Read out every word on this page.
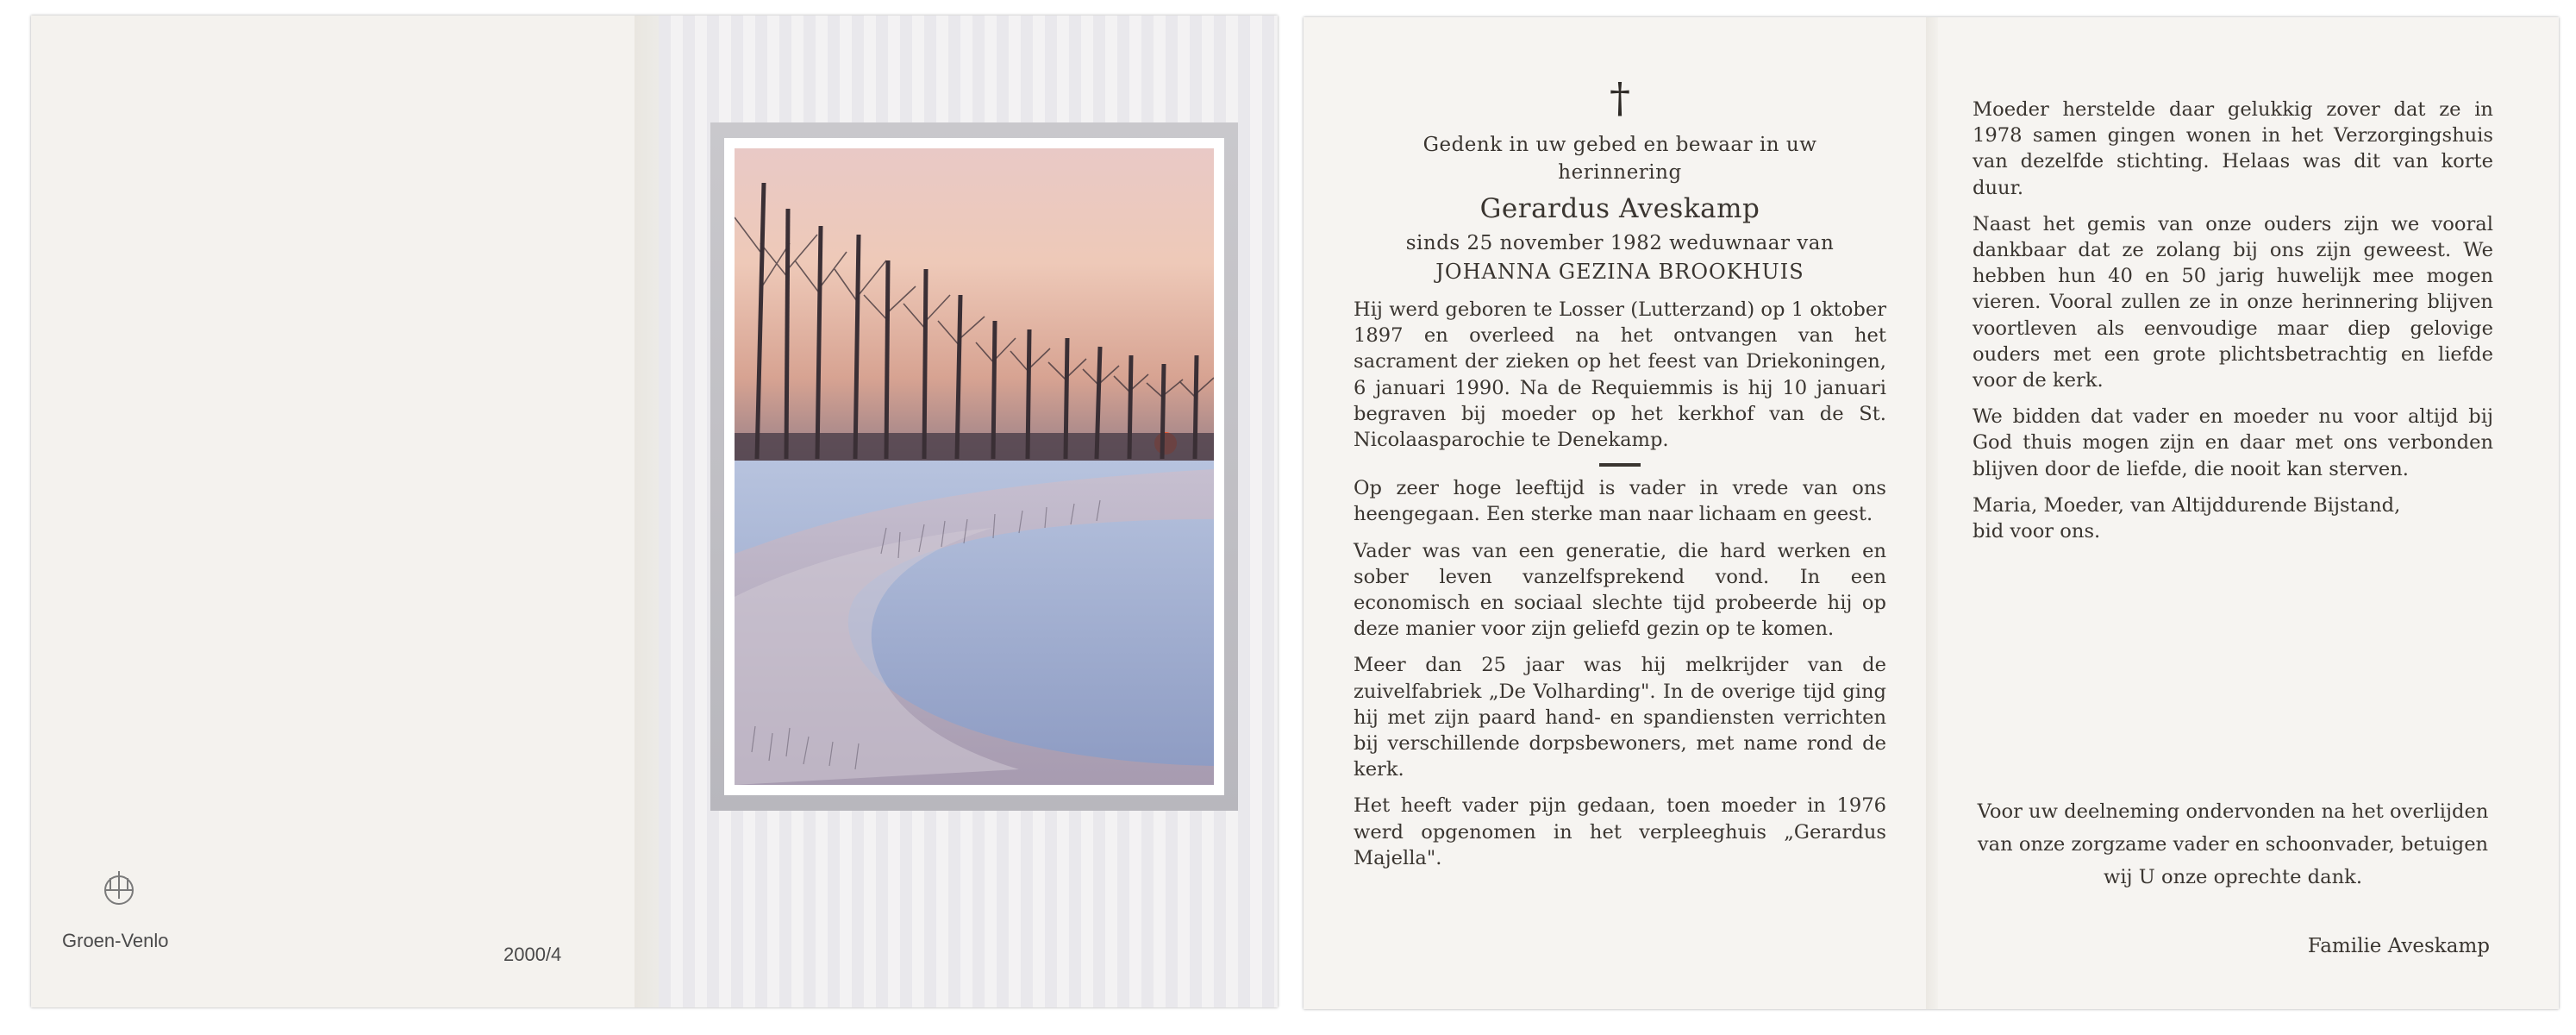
Groen-Venlo

2000/4

†

Gedenk in uw gebed en bewaar in uw

herinnering

Gerardus Aveskamp

sinds 25 november 1982 weduwnaar van

JOHANNA GEZINA BROOKHUIS

Hij werd geboren te Losser (Lutterzand) op 1 oktober 1897 en overleed na het ontvangen van het sacrament der zieken op het feest van Driekoningen, 6 januari 1990. Na de Requiemmis is hij 10 januari begraven bij moeder op het kerkhof van de St. Nicolaasparochie te Denekamp.

Op zeer hoge leeftijd is vader in vrede van ons heengegaan. Een sterke man naar lichaam en geest.

Vader was van een generatie, die hard werken en sober leven vanzelfsprekend vond. In een economisch en sociaal slechte tijd probeerde hij op deze manier voor zijn geliefd gezin op te komen.

Meer dan 25 jaar was hij melkrijder van de zuivelfabriek „De Volharding". In de overige tijd ging hij met zijn paard hand- en spandiensten verrichten bij verschillende dorpsbewoners, met name rond de kerk.

Het heeft vader pijn gedaan, toen moeder in 1976 werd opgenomen in het verpleeghuis „Gerardus Majella".

Moeder herstelde daar gelukkig zover dat ze in 1978 samen gingen wonen in het Verzorgingshuis van dezelfde stichting. Helaas was dit van korte duur.

Naast het gemis van onze ouders zijn we vooral dankbaar dat ze zolang bij ons zijn geweest. We hebben hun 40 en 50 jarig huwelijk mee mogen vieren. Vooral zullen ze in onze herinnering blijven voortleven als eenvoudige maar diep gelovige ouders met een grote plichtsbetrachtig en liefde voor de kerk.

We bidden dat vader en moeder nu voor altijd bij God thuis mogen zijn en daar met ons verbonden blijven door de liefde, die nooit kan sterven.

Maria, Moeder, van Altijddurende Bijstand,

bid voor ons.

Voor uw deelneming ondervonden na het overlijden van onze zorgzame vader en schoonvader, betuigen wij U onze oprechte dank.

Familie Aveskamp
